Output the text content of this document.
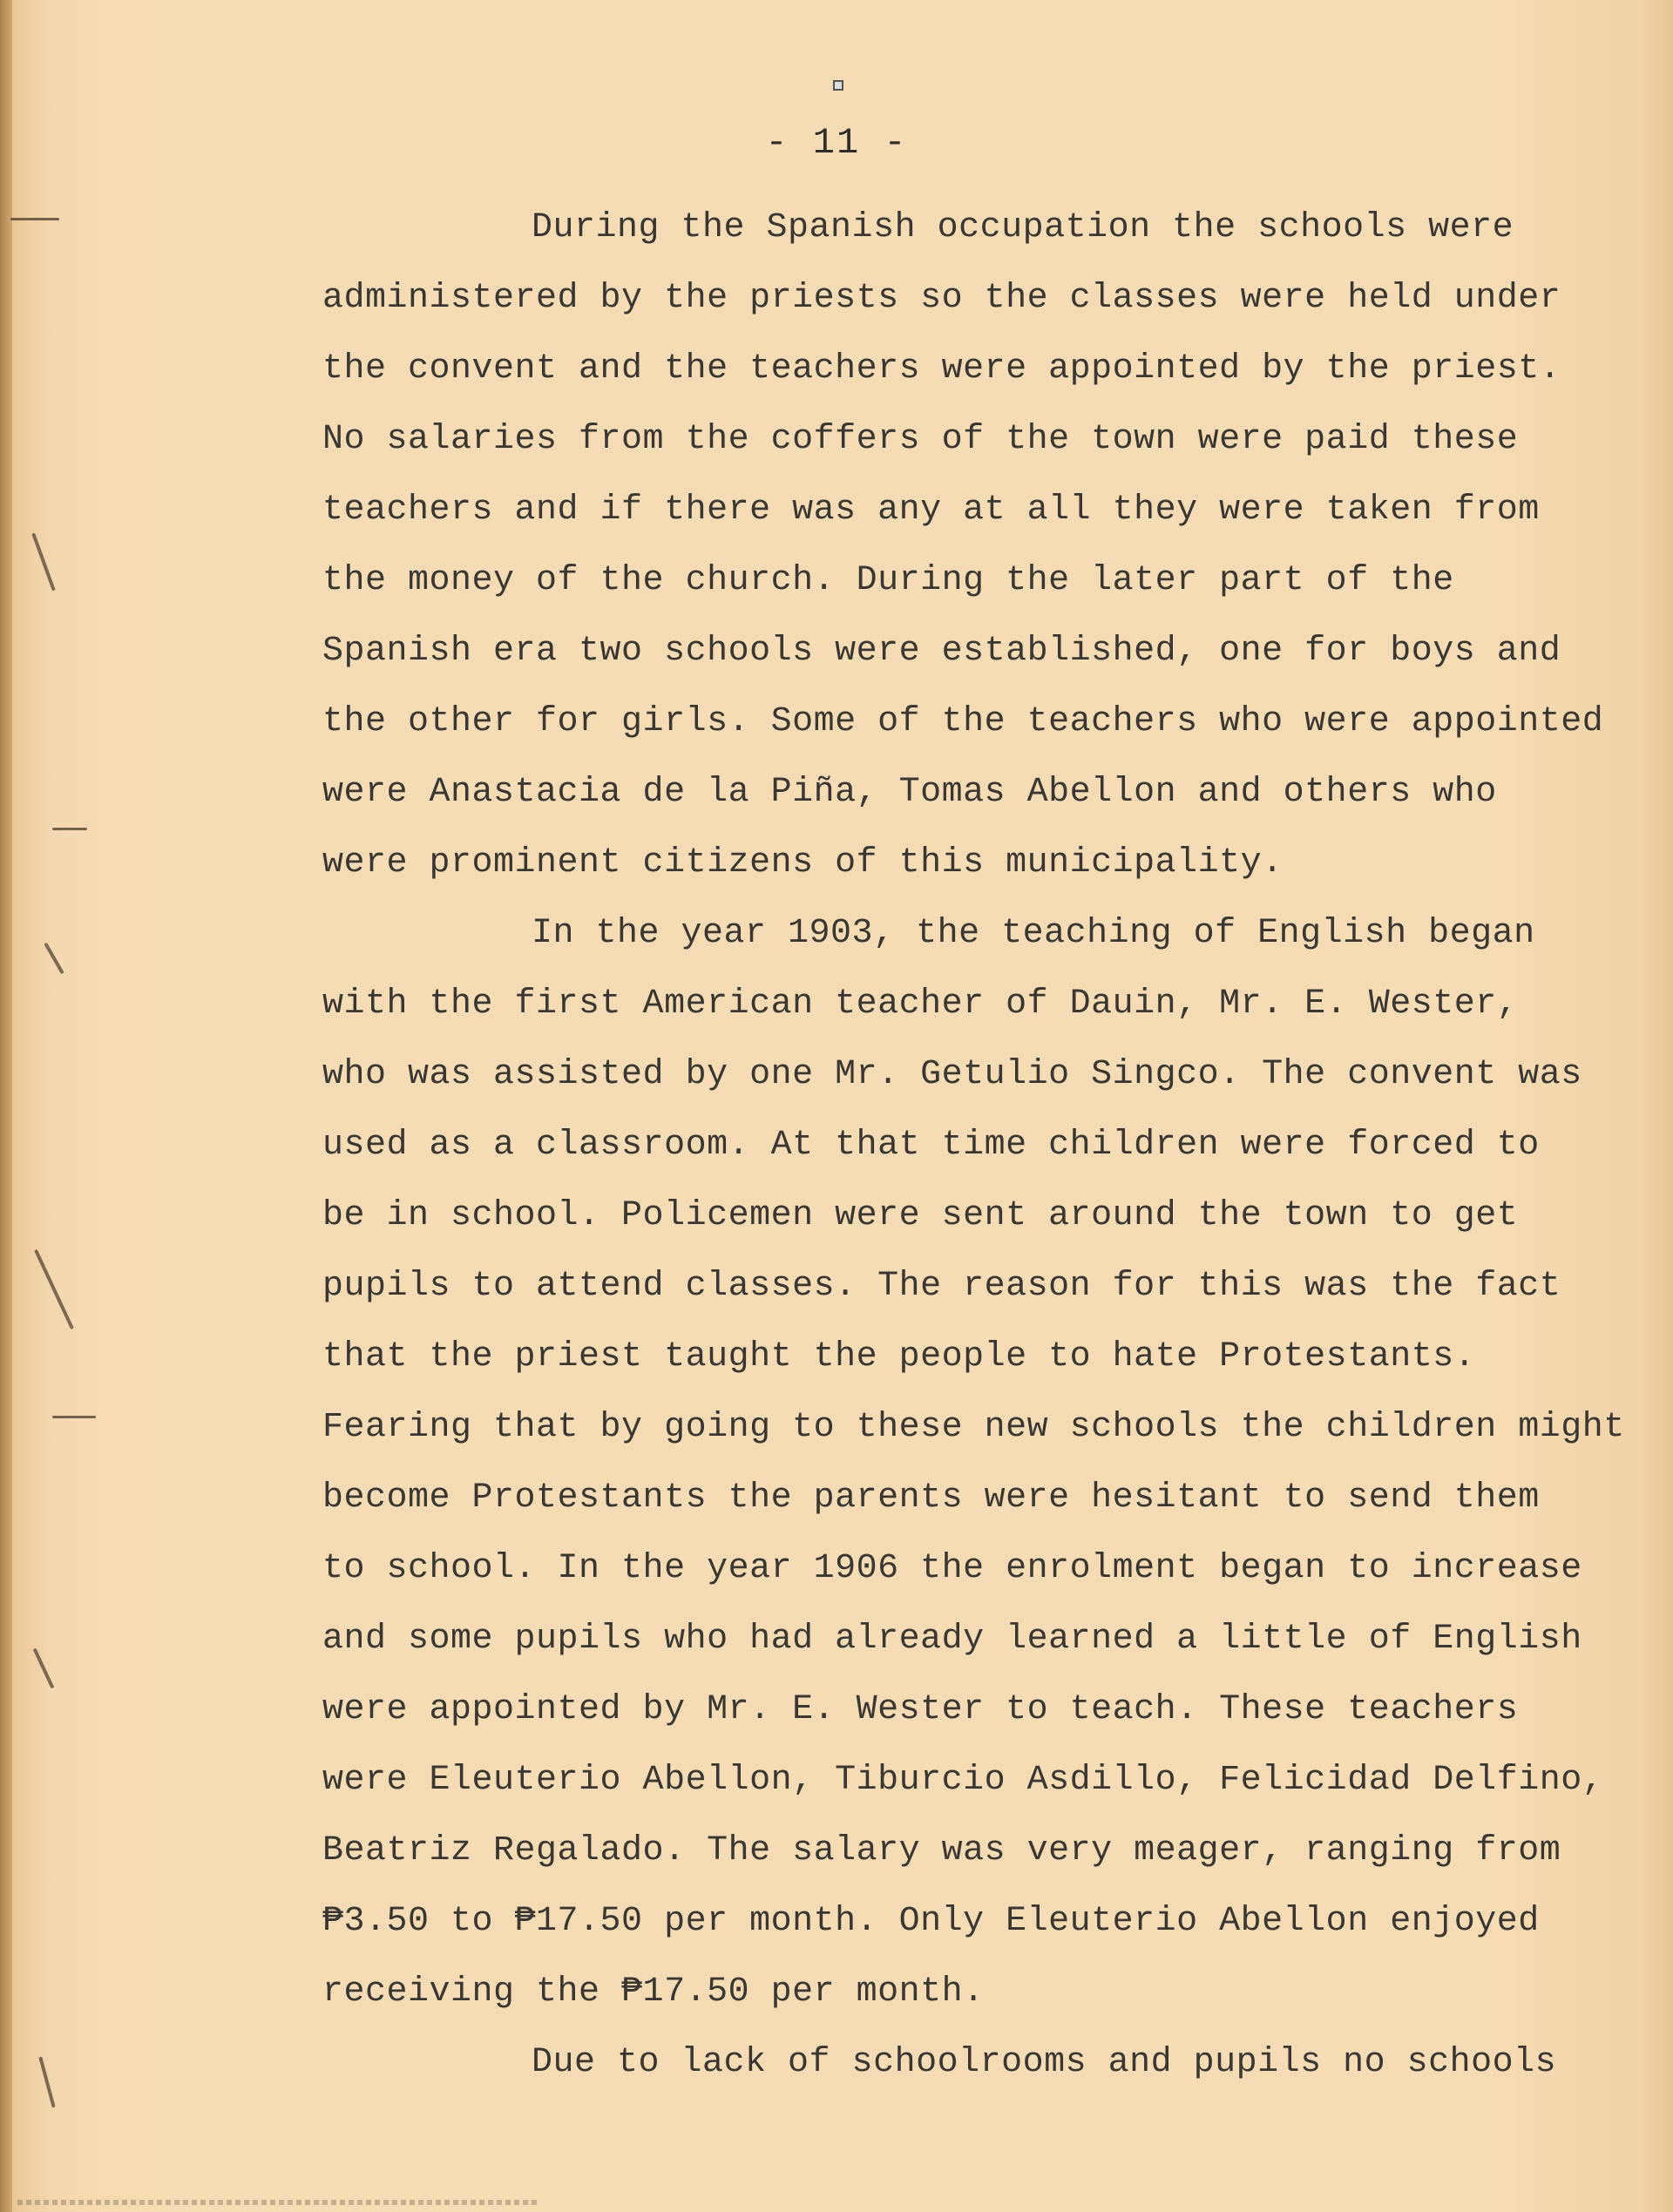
- 11 -
During the Spanish occupation the schools were
administered by the priests so the classes were held under
the convent and the teachers were appointed by the priest.
No salaries from the coffers of the town were paid these
teachers and if there was any at all they were taken from
the money of the church. During the later part of the
Spanish era two schools were established, one for boys and
the other for girls. Some of the teachers who were appointed
were Anastacia de la Piña, Tomas Abellon and others who
were prominent citizens of this municipality.
In the year 1903, the teaching of English began
with the first American teacher of Dauin, Mr. E. Wester,
who was assisted by one Mr. Getulio Singco. The convent was
used as a classroom. At that time children were forced to
be in school. Policemen were sent around the town to get
pupils to attend classes. The reason for this was the fact
that the priest taught the people to hate Protestants.
Fearing that by going to these new schools the children might
become Protestants the parents were hesitant to send them
to school. In the year 1906 the enrolment began to increase
and some pupils who had already learned a little of English
were appointed by Mr. E. Wester to teach. These teachers
were Eleuterio Abellon, Tiburcio Asdillo, Felicidad Delfino,
Beatriz Regalado. The salary was very meager, ranging from
₱3.50 to ₱17.50 per month. Only Eleuterio Abellon enjoyed
receiving the ₱17.50 per month.
Due to lack of schoolrooms and pupils no schools
